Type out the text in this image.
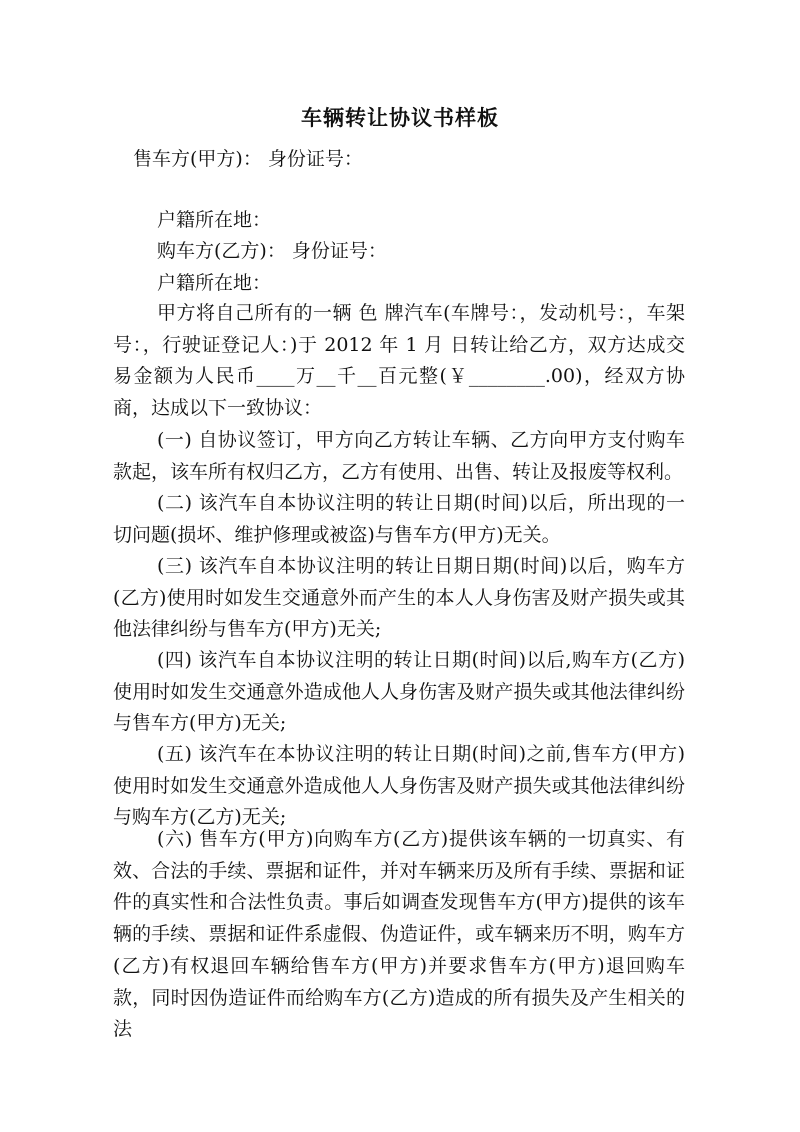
车辆转让协议书样板
售车方(甲方)： 身份证号：
户籍所在地：
购车方(乙方)： 身份证号：
户籍所在地：
甲方将自己所有的一辆 色 牌汽车(车牌号：，发动机号：，车架号：，行驶证登记人：)于 2012 年 1 月 日转让给乙方，双方达成交易金额为人民币____万__千__百元整(￥________.00)，经双方协商，达成以下一致协议：
(一) 自协议签订，甲方向乙方转让车辆、乙方向甲方支付购车款起，该车所有权归乙方，乙方有使用、出售、转让及报废等权利。
(二) 该汽车自本协议注明的转让日期(时间)以后，所出现的一切问题(损坏、维护修理或被盗)与售车方(甲方)无关。
(三) 该汽车自本协议注明的转让日期日期(时间)以后，购车方(乙方)使用时如发生交通意外而产生的本人人身伤害及财产损失或其他法律纠纷与售车方(甲方)无关;
(四) 该汽车自本协议注明的转让日期(时间)以后,购车方(乙方)使用时如发生交通意外造成他人人身伤害及财产损失或其他法律纠纷与售车方(甲方)无关;
(五) 该汽车在本协议注明的转让日期(时间)之前,售车方(甲方)使用时如发生交通意外造成他人人身伤害及财产损失或其他法律纠纷与购车方(乙方)无关;
(六) 售车方(甲方)向购车方(乙方)提供该车辆的一切真实、有效、合法的手续、票据和证件，并对车辆来历及所有手续、票据和证件的真实性和合法性负责。事后如调查发现售车方(甲方)提供的该车辆的手续、票据和证件系虚假、伪造证件，或车辆来历不明，购车方(乙方)有权退回车辆给售车方(甲方)并要求售车方(甲方)退回购车款，同时因伪造证件而给购车方(乙方)造成的所有损失及产生相关的法
